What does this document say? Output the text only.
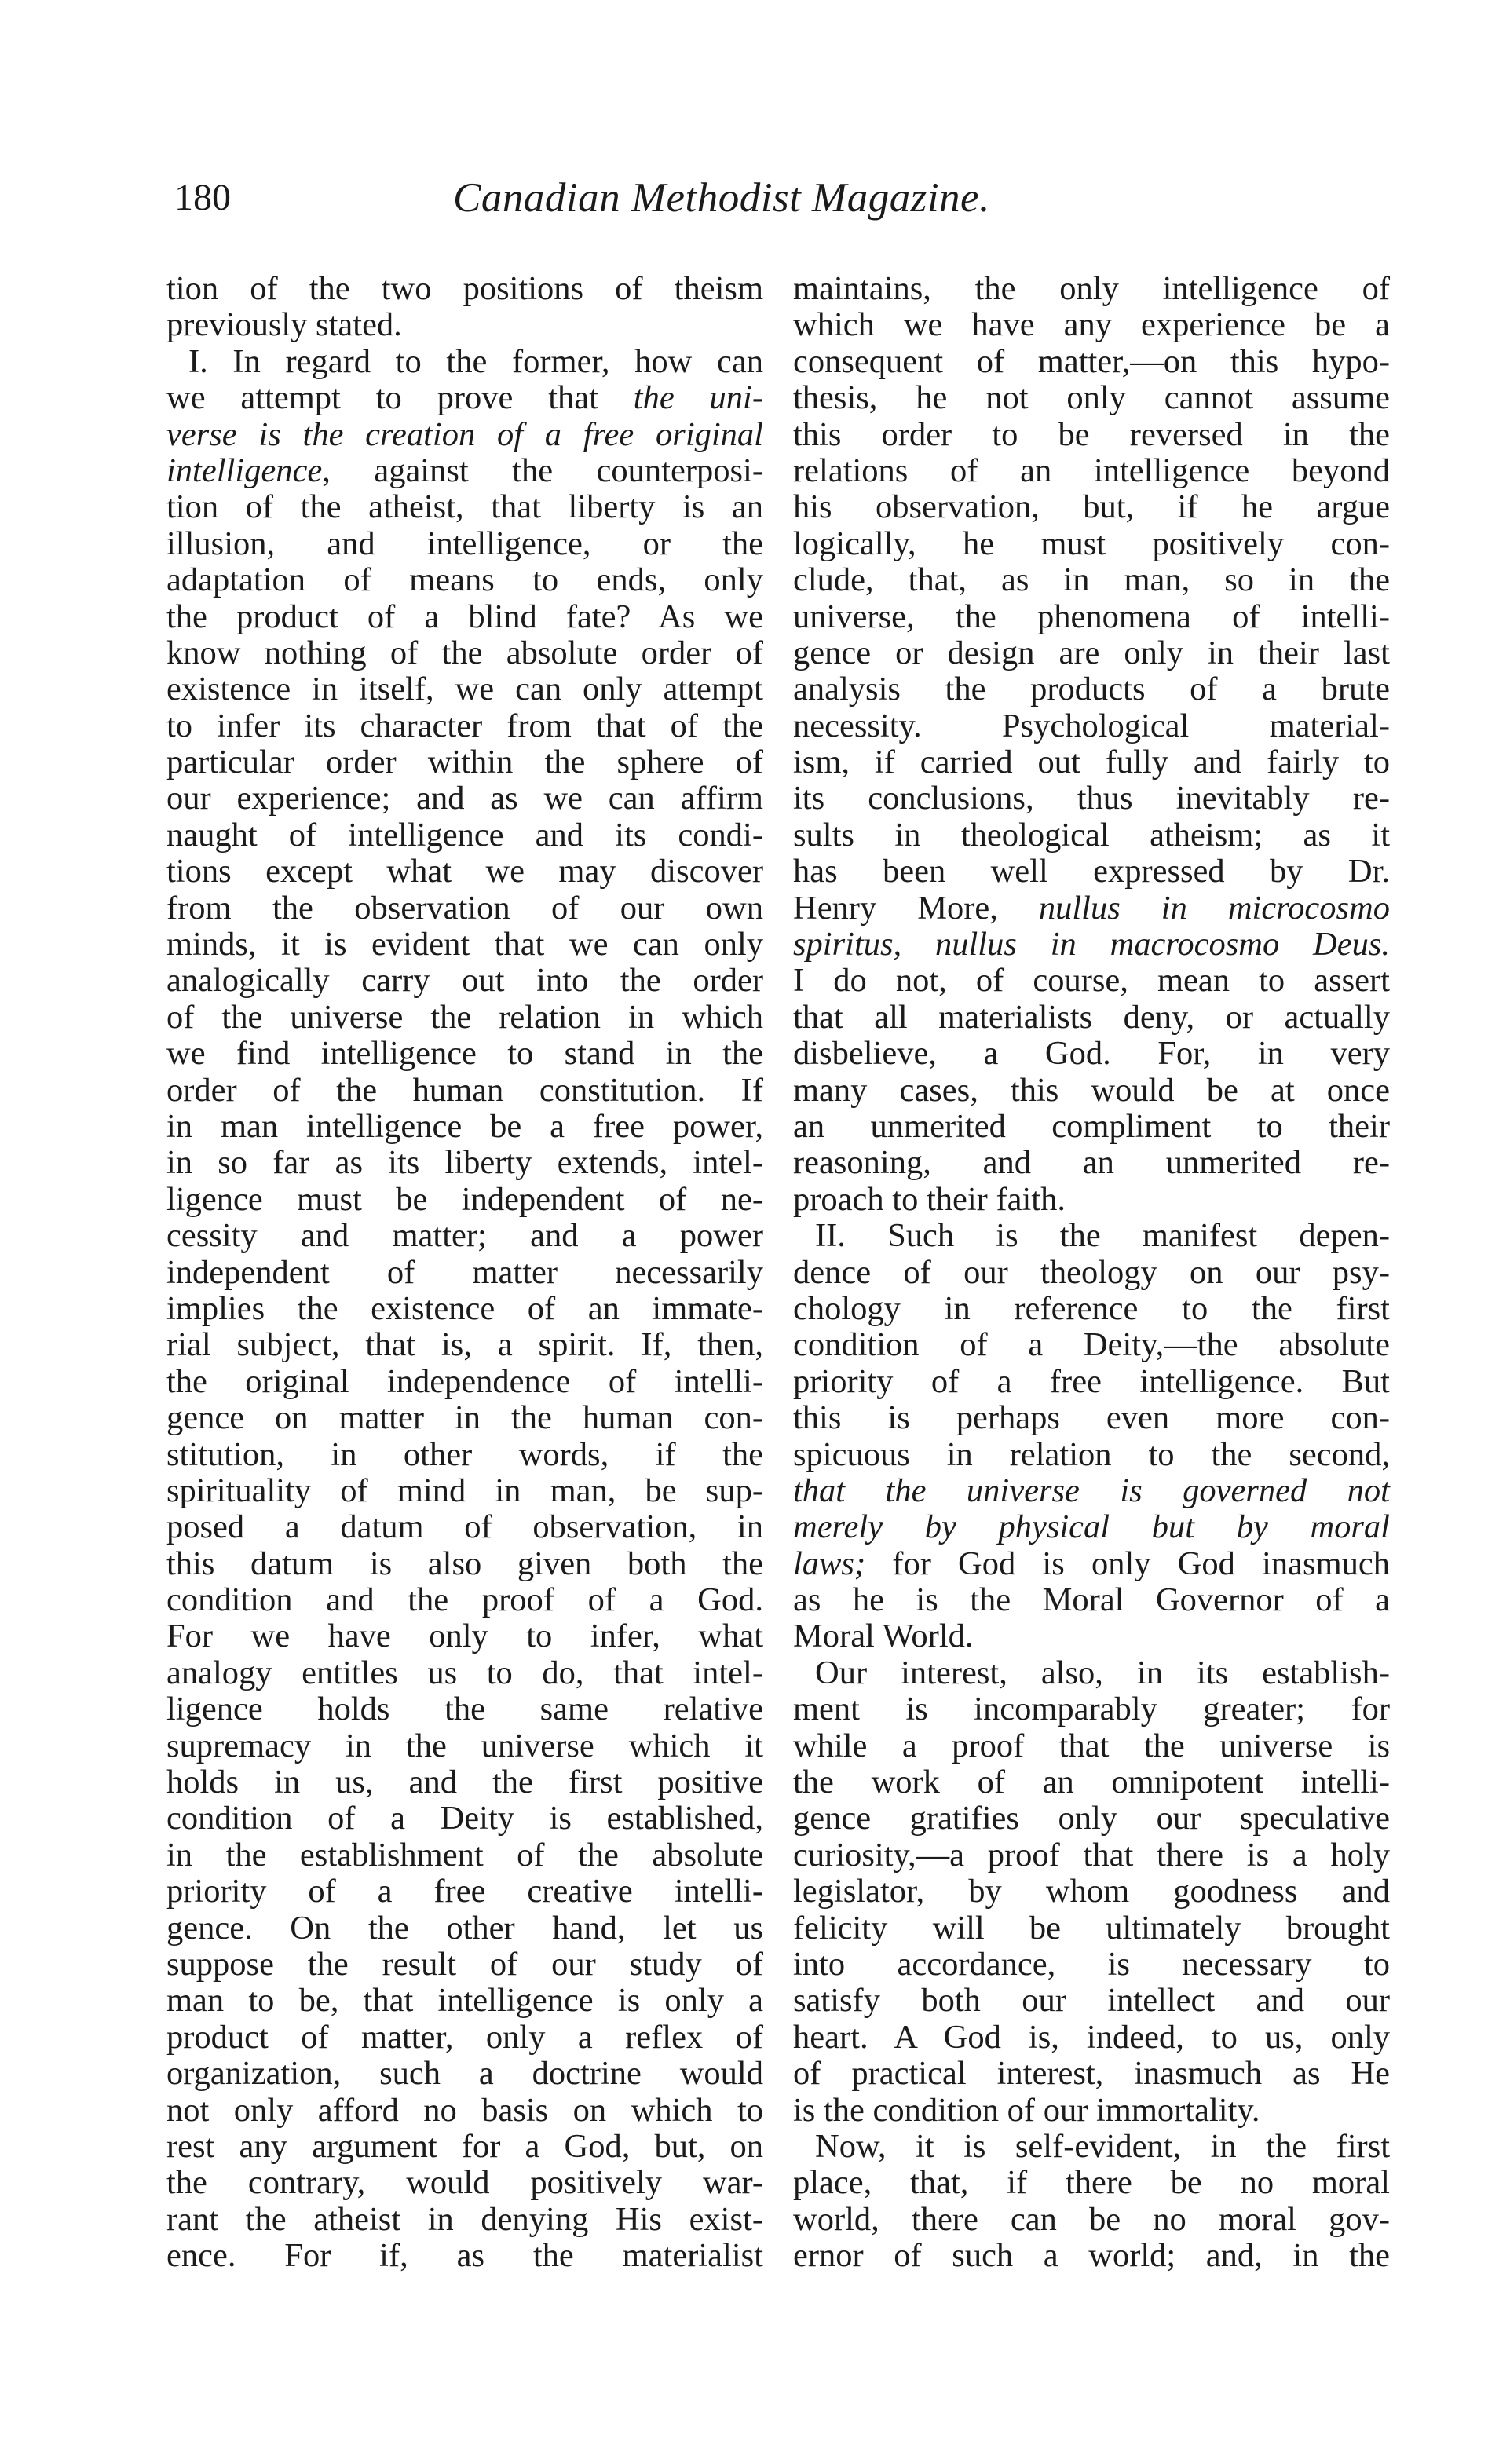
180	Canadian Methodist Magazine.
tion of the two positions of theism
previously stated.
I. In regard to the former, how can
we attempt to prove that the uni-
verse is the creation of a free original
intelligence, against the counterposi-
tion of the atheist, that liberty is an
illusion, and intelligence, or the
adaptation of means to ends, only
the product of a blind fate? As we
know nothing of the absolute order of
existence in itself, we can only attempt
to infer its character from that of the
particular order within the sphere of
our experience; and as we can affirm
naught of intelligence and its condi-
tions except what we may discover
from the observation of our own
minds, it is evident that we can only
analogically carry out into the order
of the universe the relation in which
we find intelligence to stand in the
order of the human constitution. If
in man intelligence be a free power,
in so far as its liberty extends, intel-
ligence must be independent of ne-
cessity and matter; and a power
independent of matter necessarily
implies the existence of an immate-
rial subject, that is, a spirit. If, then,
the original independence of intelli-
gence on matter in the human con-
stitution, in other words, if the
spirituality of mind in man, be sup-
posed a datum of observation, in
this datum is also given both the
condition and the proof of a God.
For we have only to infer, what
analogy entitles us to do, that intel-
ligence holds the same relative
supremacy in the universe which it
holds in us, and the first positive
condition of a Deity is established,
in the establishment of the absolute
priority of a free creative intelli-
gence. On the other hand, let us
suppose the result of our study of
man to be, that intelligence is only a
product of matter, only a reflex of
organization, such a doctrine would
not only afford no basis on which to
rest any argument for a God, but, on
the contrary, would positively war-
rant the atheist in denying His exist-
ence. For if, as the materialist
maintains, the only intelligence of
which we have any experience be a
consequent of matter,—on this hypo-
thesis, he not only cannot assume
this order to be reversed in the
relations of an intelligence beyond
his observation, but, if he argue
logically, he must positively con-
clude, that, as in man, so in the
universe, the phenomena of intelli-
gence or design are only in their last
analysis the products of a brute
necessity. Psychological material-
ism, if carried out fully and fairly to
its conclusions, thus inevitably re-
sults in theological atheism; as it
has been well expressed by Dr.
Henry More, nullus in microcosmo
spiritus, nullus in macrocosmo Deus.
I do not, of course, mean to assert
that all materialists deny, or actually
disbelieve, a God. For, in very
many cases, this would be at once
an unmerited compliment to their
reasoning, and an unmerited re-
proach to their faith.
II. Such is the manifest depen-
dence of our theology on our psy-
chology in reference to the first
condition of a Deity,—the absolute
priority of a free intelligence. But
this is perhaps even more con-
spicuous in relation to the second,
that the universe is governed not
merely by physical but by moral
laws; for God is only God inasmuch
as he is the Moral Governor of a
Moral World.
Our interest, also, in its establish-
ment is incomparably greater; for
while a proof that the universe is
the work of an omnipotent intelli-
gence gratifies only our speculative
curiosity,—a proof that there is a holy
legislator, by whom goodness and
felicity will be ultimately brought
into accordance, is necessary to
satisfy both our intellect and our
heart. A God is, indeed, to us, only
of practical interest, inasmuch as He
is the condition of our immortality.
Now, it is self-evident, in the first
place, that, if there be no moral
world, there can be no moral gov-
ernor of such a world; and, in the
